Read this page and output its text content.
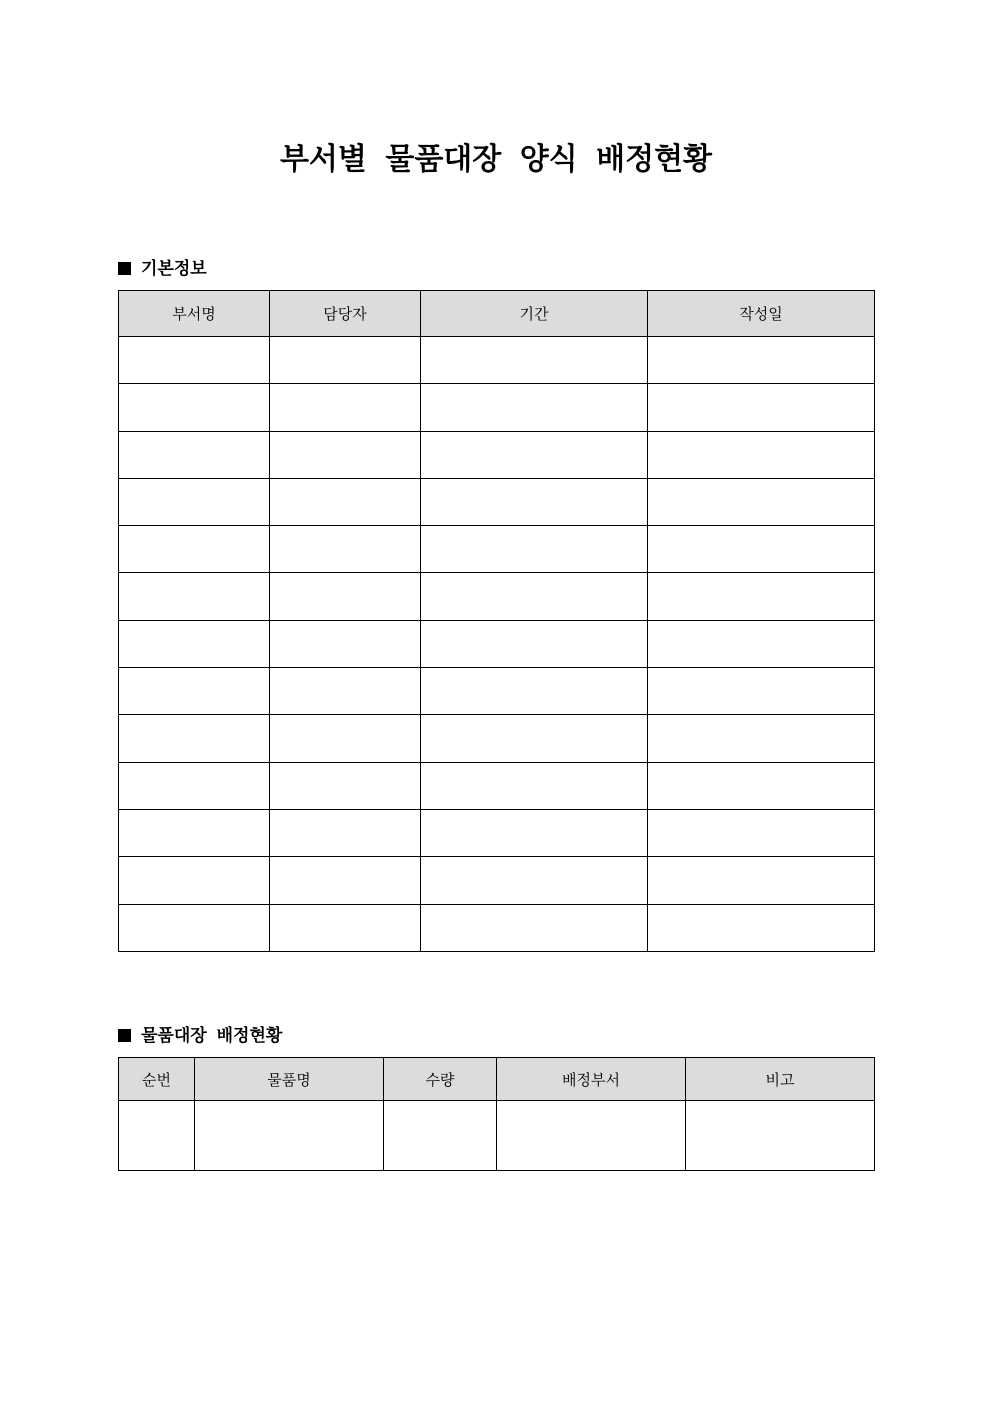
부서별 물품대장 양식 배정현황
기본정보
부서명	담당자	기간	작성일

물품대장 배정현황
순번	물품명	수량	배정부서	비고
